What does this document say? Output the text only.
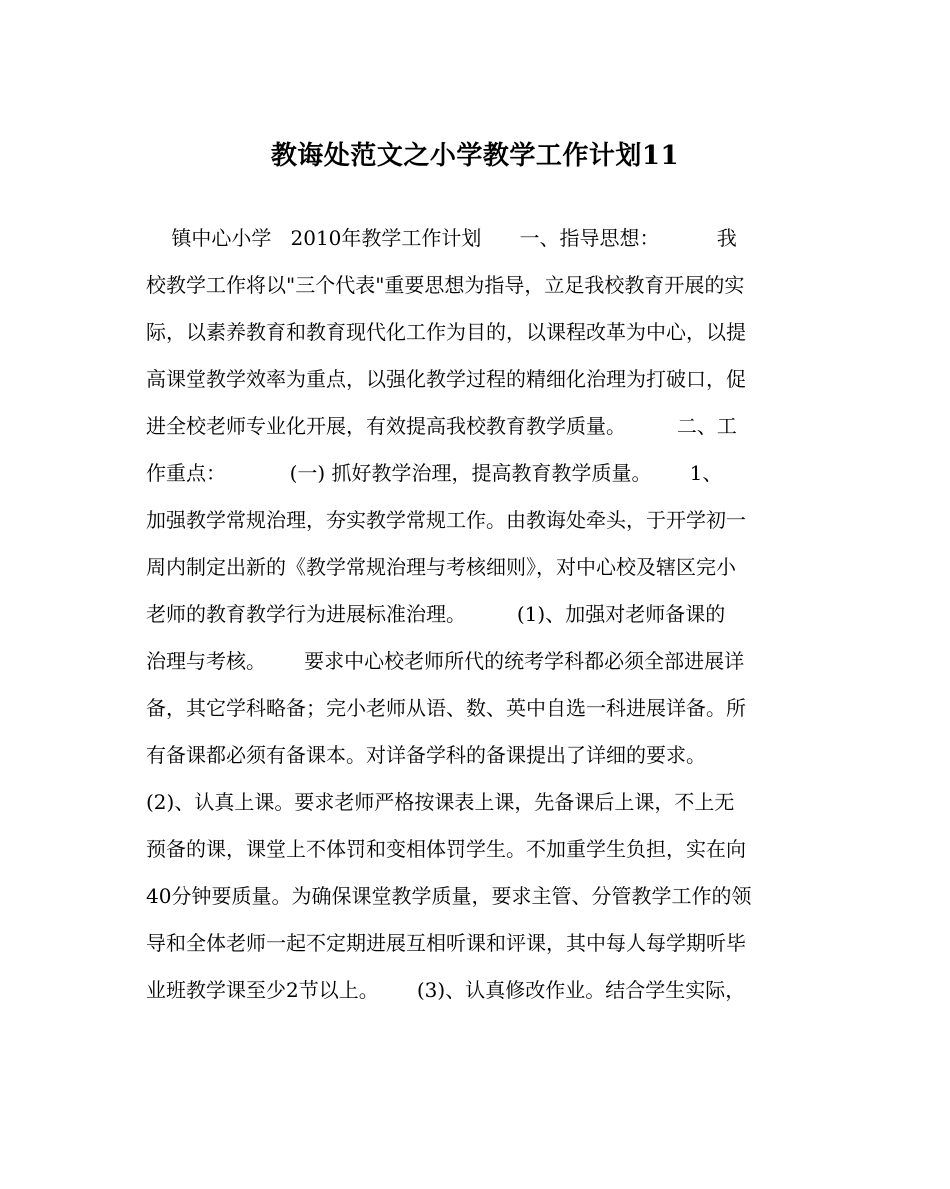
教诲处范文之小学教学工作计划11
镇中心小学   2010年教学工作计划      一、指导思想：         我
校教学工作将以"三个代表"重要思想为指导，立足我校教育开展的实
际，以素养教育和教育现代化工作为目的，以课程改革为中心，以提
高课堂教学效率为重点，以强化教学过程的精细化治理为打破口，促
进全校老师专业化开展，有效提高我校教育教学质量。        二、工
作重点：          (一) 抓好教学治理，提高教育教学质量。      1、
加强教学常规治理，夯实教学常规工作。由教诲处牵头，于开学初一
周内制定出新的《教学常规治理与考核细则》，对中心校及辖区完小
老师的教育教学行为进展标准治理。        (1)、加强对老师备课的
治理与考核。      要求中心校老师所代的统考学科都必须全部进展详
备，其它学科略备；完小老师从语、数、英中自选一科进展详备。所
有备课都必须有备课本。对详备学科的备课提出了详细的要求。
(2)、认真上课。要求老师严格按课表上课，先备课后上课，不上无
预备的课，课堂上不体罚和变相体罚学生。不加重学生负担，实在向
40分钟要质量。为确保课堂教学质量，要求主管、分管教学工作的领
导和全体老师一起不定期进展互相听课和评课，其中每人每学期听毕
业班教学课至少2节以上。      (3)、认真修改作业。结合学生实际，
